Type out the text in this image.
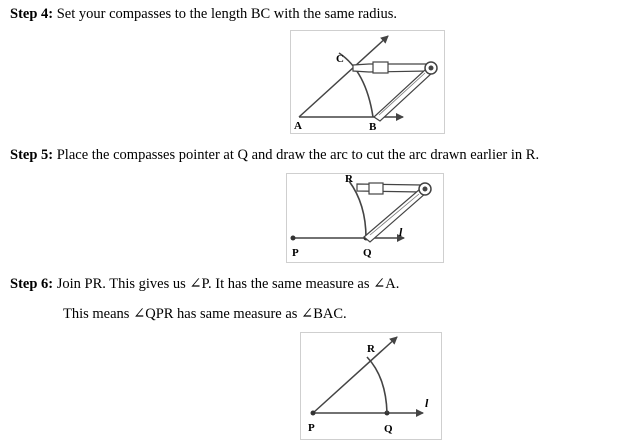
Step 4: Set your compasses to the length BC with the same radius.
A	B
C
Step 5: Place the compasses pointer at Q and draw the arc to cut the arc drawn earlier in R.
R
P	Q
l
Step 6: Join PR. This gives us ∠P. It has the same measure as ∠A.
This means ∠QPR has same measure as ∠BAC.
R
P	Q
l
